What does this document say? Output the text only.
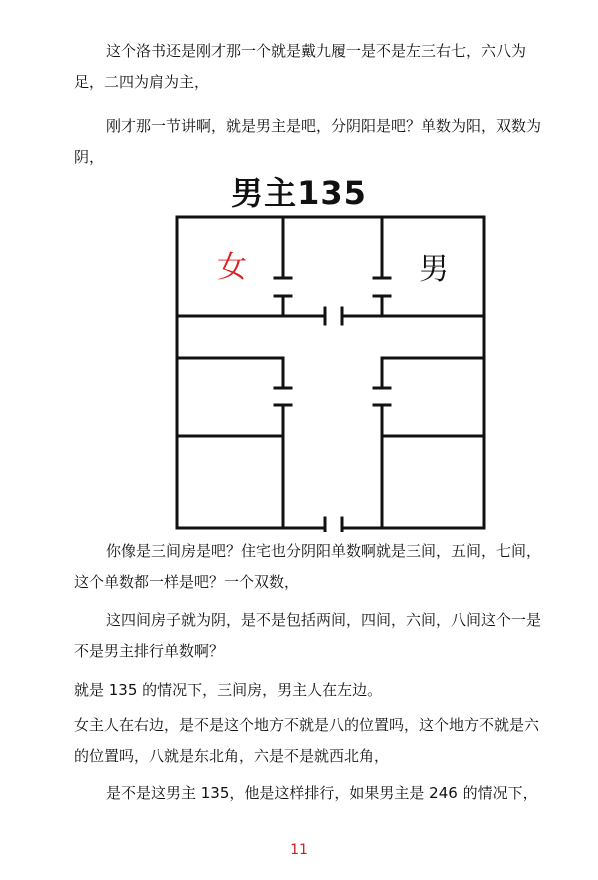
这个洛书还是刚才那一个就是戴九履一是不是左三右七，六八为足，二四为肩为主，

刚才那一节讲啊，就是男主是吧，分阴阳是吧？单数为阳，双数为阴，

男主135
女	男

你像是三间房是吧？住宅也分阴阳单数啊就是三间，五间，七间，这个单数都一样是吧？一个双数，

这四间房子就为阴，是不是包括两间，四间，六间，八间这个一是不是男主排行单数啊？

就是 135 的情况下，三间房，男主人在左边。

女主人在右边，是不是这个地方不就是八的位置吗，这个地方不就是六的位置吗，八就是东北角，六是不是就西北角，

是不是这男主 135，他是这样排行，如果男主是 246 的情况下，

11
